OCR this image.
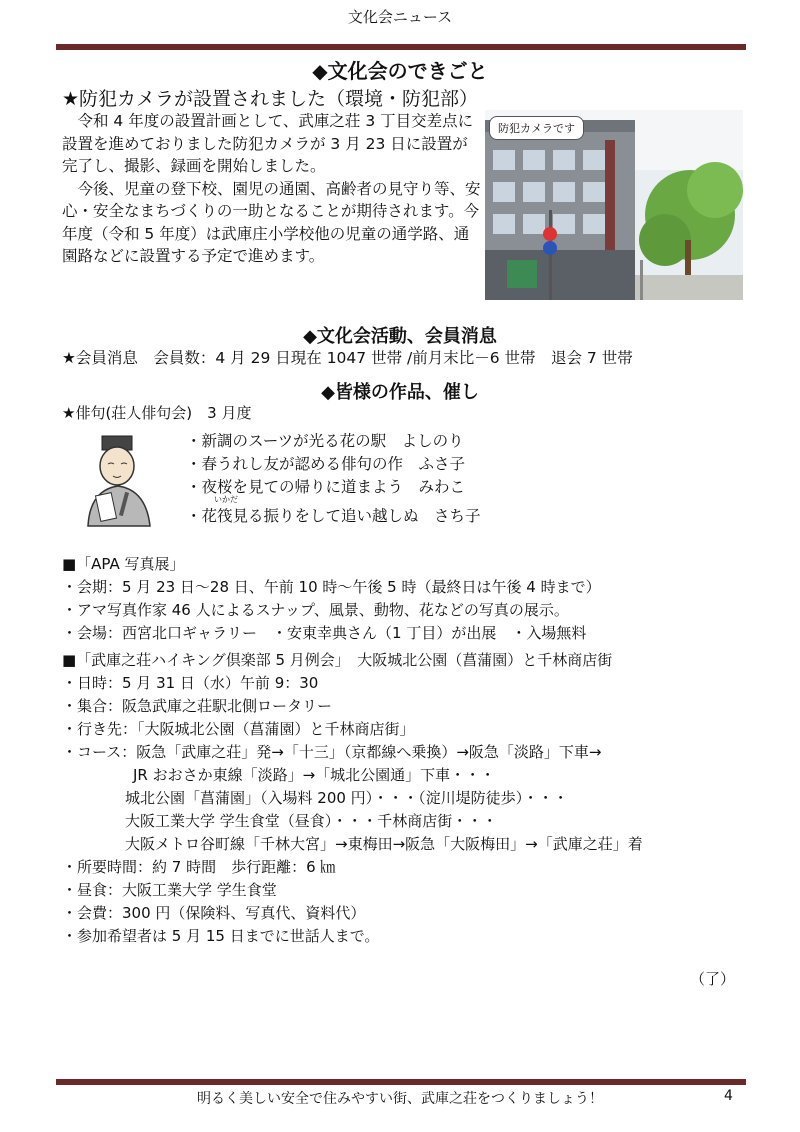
文化会ニュース
◆文化会のできごと
★防犯カメラが設置されました（環境・防犯部）

令和 4 年度の設置計画として、武庫之荘 3 丁目交差点に設置を進めておりました防犯カメラが 3 月 23 日に設置が完了し、撮影、録画を開始しました。

今後、児童の登下校、園児の通園、高齢者の見守り等、安心・安全なまちづくりの一助となることが期待されます。今年度（令和 5 年度）は武庫庄小学校他の児童の通学路、通園路などに設置する予定で進めます。

防犯カメラです
◆文化会活動、会員消息
★会員消息　会員数：4 月 29 日現在 1047 世帯 /前月末比－6 世帯　退会 7 世帯
◆皆様の作品、催し
★俳句(荘人俳句会)　3 月度
・新調のスーツが光る花の駅　よしのり
・春うれし友が認める俳句の作　ふさ子
・夜桜を見ての帰りに道まよう　みわこ
いかだ
・花筏見る振りをして追い越しぬ　さち子
■「APA 写真展」
・会期：5 月 23 日～28 日、午前 10 時～午後 5 時（最終日は午後 4 時まで）
・アマ写真作家 46 人によるスナップ、風景、動物、花などの写真の展示。
・会場：西宮北口ギャラリー　・安東幸典さん（1 丁目）が出展　・入場無料
■「武庫之荘ハイキング倶楽部 5 月例会」　大阪城北公園（菖蒲園）と千林商店街
・日時：5 月 31 日（水）午前 9：30
・集合：阪急武庫之荘駅北側ロータリー
・行き先：「大阪城北公園（菖蒲園）と千林商店街」
・コース：阪急「武庫之荘」発→「十三」（京都線へ乗換）→阪急「淡路」下車→
JR おおさか東線「淡路」→「城北公園通」下車・・・
城北公園「菖蒲園」（入場料 200 円）・・・（淀川堤防徒歩）・・・
大阪工業大学 学生食堂（昼食）・・・千林商店街・・・
大阪メトロ谷町線「千林大宮」→東梅田→阪急「大阪梅田」→「武庫之荘」着
・所要時間：約 7 時間　歩行距離：6 ㎞
・昼食：大阪工業大学 学生食堂
・会費：300 円（保険料、写真代、資料代）
・参加希望者は 5 月 15 日までに世話人まで。
（了）
明るく美しい安全で住みやすい街、武庫之荘をつくりましょう！	4
